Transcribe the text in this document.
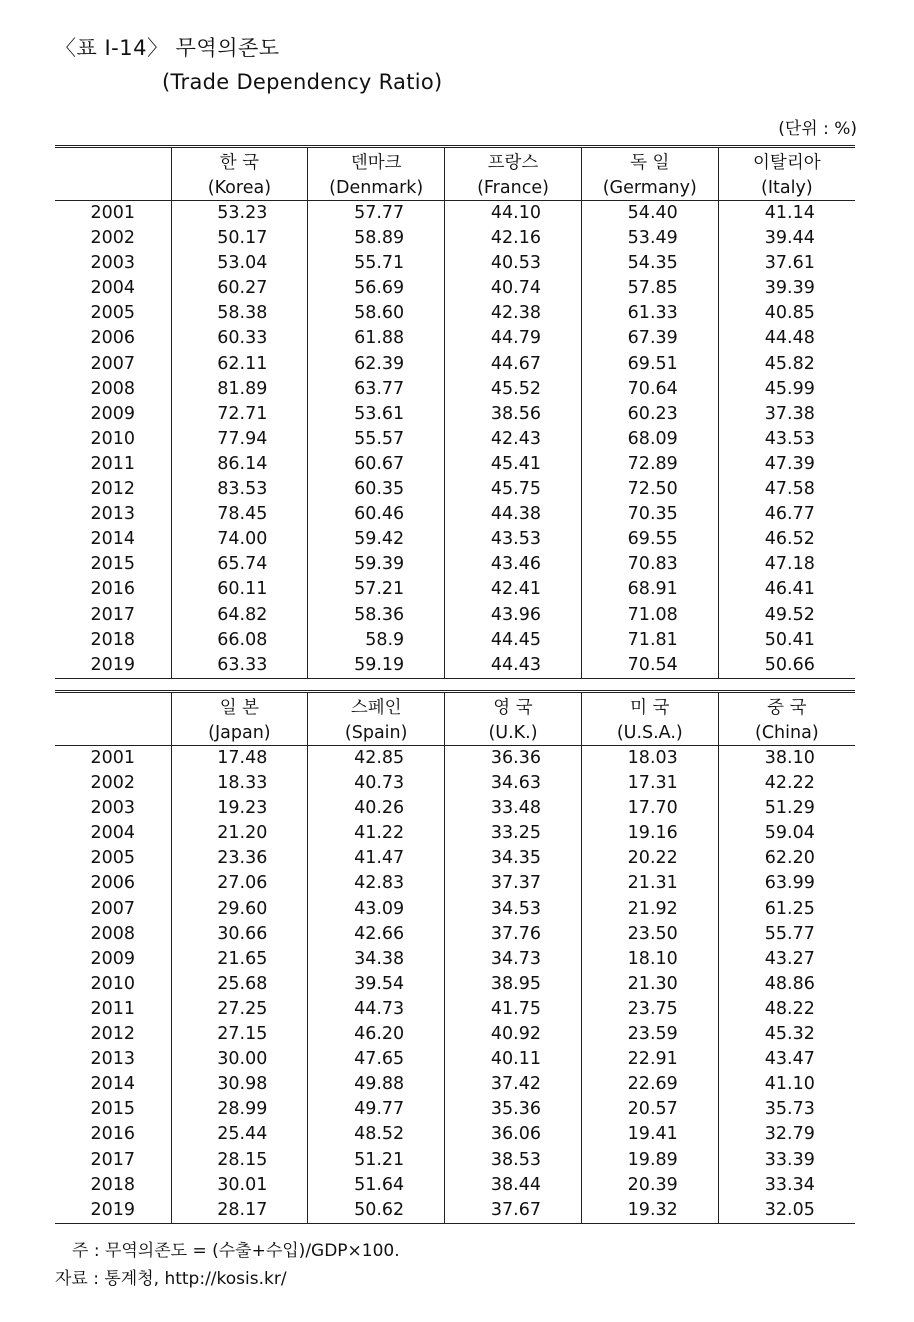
〈표 Ⅰ-14〉 무역의존도
(Trade Dependency Ratio)
(단위 : %)
	한 국	덴마크	프랑스	독 일	이탈리아
	(Korea)	(Denmark)	(France)	(Germany)	(Italy)
2001	53.23	57.77	44.10	54.40	41.14
2002	50.17	58.89	42.16	53.49	39.44
2003	53.04	55.71	40.53	54.35	37.61
2004	60.27	56.69	40.74	57.85	39.39
2005	58.38	58.60	42.38	61.33	40.85
2006	60.33	61.88	44.79	67.39	44.48
2007	62.11	62.39	44.67	69.51	45.82
2008	81.89	63.77	45.52	70.64	45.99
2009	72.71	53.61	38.56	60.23	37.38
2010	77.94	55.57	42.43	68.09	43.53
2011	86.14	60.67	45.41	72.89	47.39
2012	83.53	60.35	45.75	72.50	47.58
2013	78.45	60.46	44.38	70.35	46.77
2014	74.00	59.42	43.53	69.55	46.52
2015	65.74	59.39	43.46	70.83	47.18
2016	60.11	57.21	42.41	68.91	46.41
2017	64.82	58.36	43.96	71.08	49.52
2018	66.08	58.9	44.45	71.81	50.41
2019	63.33	59.19	44.43	70.54	50.66
	일 본	스페인	영 국	미 국	중 국
	(Japan)	(Spain)	(U.K.)	(U.S.A.)	(China)
2001	17.48	42.85	36.36	18.03	38.10
2002	18.33	40.73	34.63	17.31	42.22
2003	19.23	40.26	33.48	17.70	51.29
2004	21.20	41.22	33.25	19.16	59.04
2005	23.36	41.47	34.35	20.22	62.20
2006	27.06	42.83	37.37	21.31	63.99
2007	29.60	43.09	34.53	21.92	61.25
2008	30.66	42.66	37.76	23.50	55.77
2009	21.65	34.38	34.73	18.10	43.27
2010	25.68	39.54	38.95	21.30	48.86
2011	27.25	44.73	41.75	23.75	48.22
2012	27.15	46.20	40.92	23.59	45.32
2013	30.00	47.65	40.11	22.91	43.47
2014	30.98	49.88	37.42	22.69	41.10
2015	28.99	49.77	35.36	20.57	35.73
2016	25.44	48.52	36.06	19.41	32.79
2017	28.15	51.21	38.53	19.89	33.39
2018	30.01	51.64	38.44	20.39	33.34
2019	28.17	50.62	37.67	19.32	32.05
주 : 무역의존도 = (수출+수입)/GDP×100.
자료 : 통계청, http://kosis.kr/
